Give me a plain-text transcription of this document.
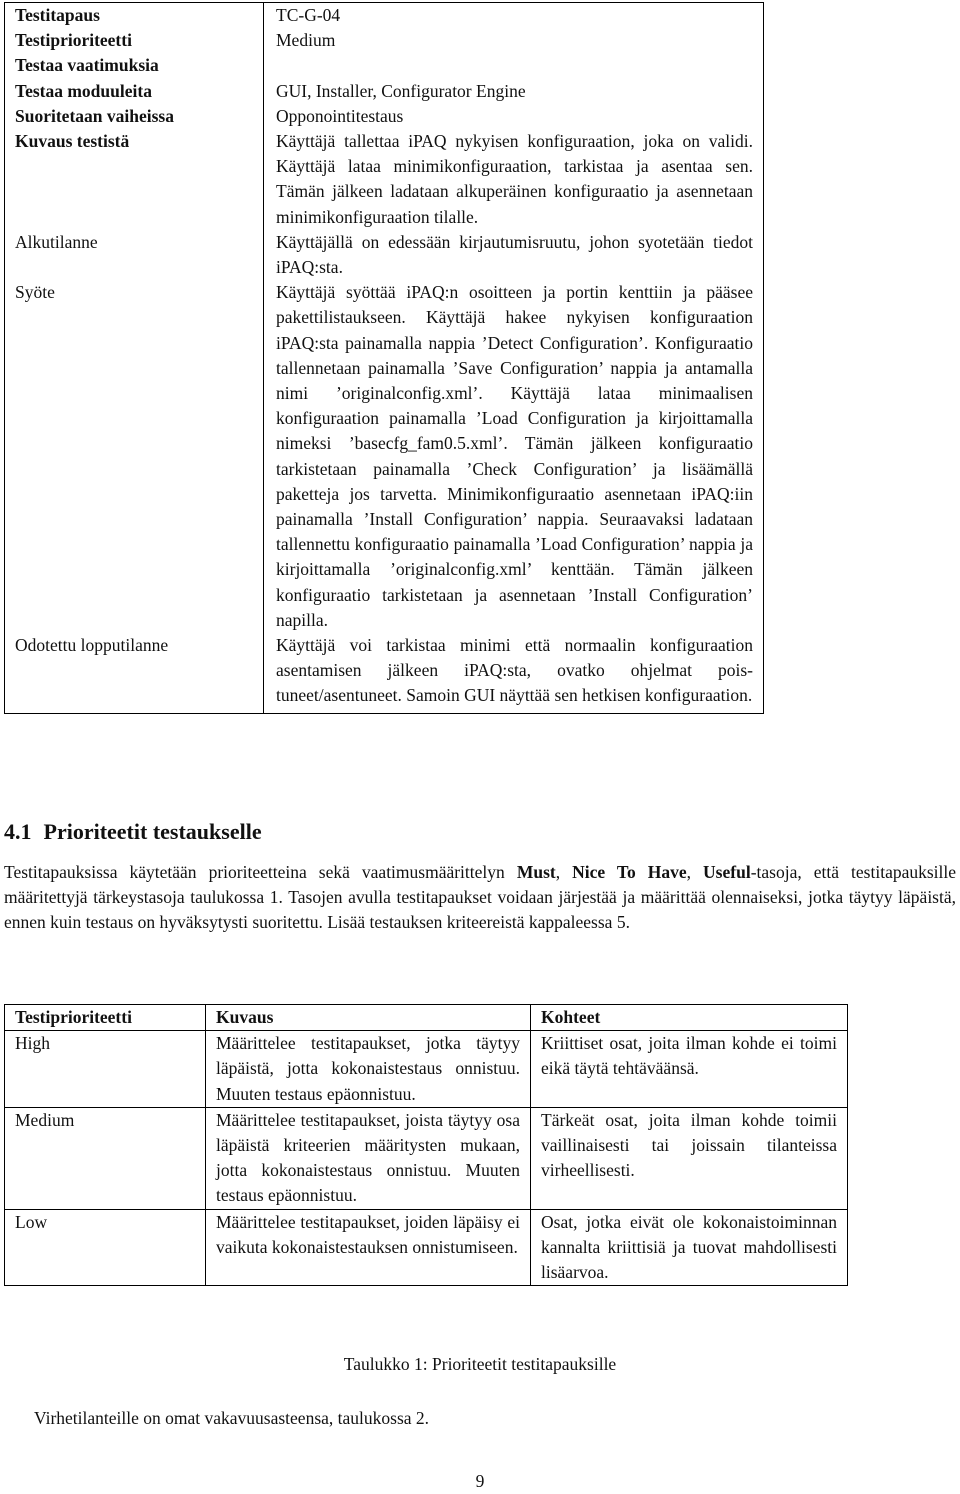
Testitapaus	TC-G-04
Testiprioriteetti	Medium
Testaa vaatimuksia	
Testaa moduuleita	GUI, Installer, Configurator Engine
Suoritetaan vaiheissa	Opponointitestaus
Kuvaus testistä	Käyttäjä tallettaa iPAQ nykyisen konfiguraation, joka on validi. Käyttäjä lataa minimikonfiguraation, tarkistaa ja asentaa sen. Tämän jälkeen ladataan alkuperäinen konfiguraatio ja asennetaan minimikonfiguraation tilalle.
Alkutilanne	Käyttäjällä on edessään kirjautumisruutu, johon syotetään tiedot iPAQ:sta.
Syöte	Käyttäjä syöttää iPAQ:n osoitteen ja portin kenttiin ja pääsee pakettilistaukseen. Käyttäjä hakee nykyisen konfiguraation iPAQ:sta painamalla nappia ’Detect Configuration’. Konfiguraatio tallennetaan painamalla ’Save Configuration’ nappia ja antamalla nimi ’originalconfig.xml’. Käyttäjä lataa minimaalisen konfiguraation painamalla ’Load Configuration ja kirjoittamalla nimeksi ’basecfg_fam0.5.xml’. Tämän jälkeen konfiguraatio tarkistetaan painamalla ’Check Configuration’ ja lisäämällä paketteja jos tarvetta. Minimikonfiguraatio asennetaan iPAQ:iin painamalla ’Install Configuration’ nappia. Seuraavaksi ladataan tallennettu konfiguraatio painamalla ’Load Configuration’ nappia ja kirjoittamalla ’originalconfig.xml’ kenttään. Tämän jälkeen konfiguraatio tarkistetaan ja asennetaan ’Install Configuration’ napilla.
Odotettu lopputilanne	Käyttäjä voi tarkistaa minimi että normaalin konfiguraation asentamisen jälkeen iPAQ:sta, ovatko ohjelmat poistuneet/asentuneet. Samoin GUI näyttää sen hetkisen konfiguraation.
4.1 Prioriteetit testaukselle

Testitapauksissa käytetään prioriteetteina sekä vaatimusmäärittelyn Must, Nice To Have, Useful-tasoja, että testitapauksille määritettyjä tärkeystasoja taulukossa 1. Tasojen avulla testitapaukset voidaan järjestää ja määrittää olennaiseksi, jotka täytyy läpäistä, ennen kuin testaus on hyväksytysti suoritettu. Lisää testauksen kriteereistä kappaleessa 5.

Testiprioriteetti	Kuvaus	Kohteet
High	Määrittelee testitapaukset, jotka täytyy läpäistä, jotta kokonaistestaus onnistuu. Muuten testaus epäonnistuu.	Kriittiset osat, joita ilman kohde ei toimi eikä täytä tehtäväänsä.
Medium	Määrittelee testitapaukset, joista täytyy osa läpäistä kriteerien määritysten mukaan, jotta kokonaistestaus onnistuu. Muuten testaus epäonnistuu.	Tärkeät osat, joita ilman kohde toimii vaillinaisesti tai joissain tilanteissa virheellisesti.
Low	Määrittelee testitapaukset, joiden läpäisy ei vaikuta kokonaistestauksen onnistumiseen.	Osat, jotka eivät ole kokonaistoiminnan kannalta kriittisiä ja tuovat mahdollisesti lisäarvoa.
Taulukko 1: Prioriteetit testitapauksille
Virhetilanteille on omat vakavuusasteensa, taulukossa 2.
9
